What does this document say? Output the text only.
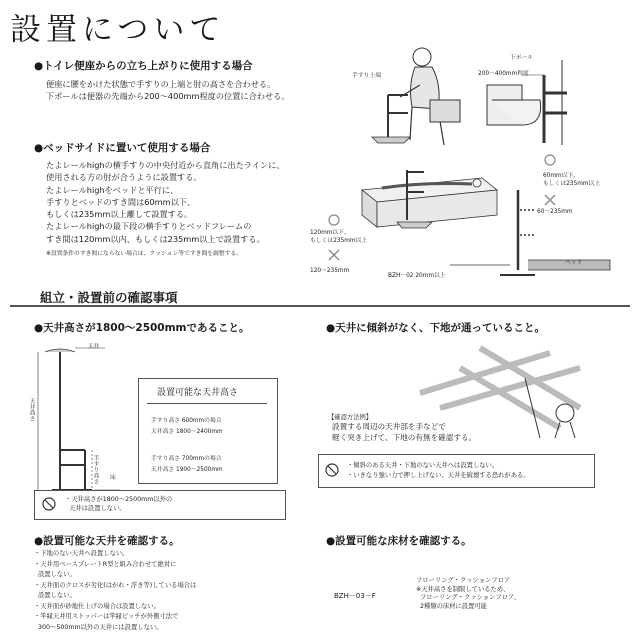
設置について
●トイレ便座からの立ち上がりに使用する場合
便座に腰をかけた状態で手すりの上端と肘の高さを合わせる。
下ポールは便器の先端から200～400mm程度の位置に合わせる。
手すり上端
下ポール
200～400mm程度
●ベッドサイドに置いて使用する場合
たよレールhighの横手すりの中央付近から直角に出たラインに、
使用される方の肘が合うように設置する。
たよレールhighをベッドと平行に、
手すりとベッドのすき間は60mm以下、
もしくは235mm以上離して設置する。
たよレールhighの最下段の横手すりとベッドフレームの
すき間は120mm以内、もしくは235mm以上で設置する。
※設置条件のすき間にならない場合は、クッション等ですき間を調整する。
120mm以下、
もしくは235mm以上
120～235mm
60mm以下、
もしくは235mm以上
60～235mm
BZH－02 20mm以上
ベッド
組立・設置前の確認事項
●天井高さが1800～2500mmであること。
天井
天井高さ
手すり高さ	床
設置可能な天井高さ
手すり高さ 600mmの場合
天井高さ 1800～2400mm
手すり高さ 700mmの場合
天井高さ 1900～2500mm
・天井高さが1800～2500mm以外の
天井は設置しない。
●天井に傾斜がなく、下地が通っていること。
【確認方法例】
設置する周辺の天井部を手などで
軽く突き上げて、下地の有無を確認する。
・傾斜のある天井・下地のない天井へは設置しない。
・いきなり強い力で押し上げない。天井を破壊する恐れがある。
●設置可能な天井を確認する。
・下地のない天井へ設置しない。
・天井用ベースプレートR型と組み合わせて絶対に
設置しない。
・天井面のクロスが劣化(はがれ・浮き等)している場合は
設置しない。
・天井面が砂地仕上げの場合は設置しない。
・竿縁天井用ストッパーは竿縁ピッチが外側寸法で
300～500mm以外の天井には設置しない。
●設置可能な床材を確認する。
BZH－03－F
フローリング・クッションフロア
※天井高さを制限しているため、
フローリング・クッションフロア、
2種類の床材に設置可能
